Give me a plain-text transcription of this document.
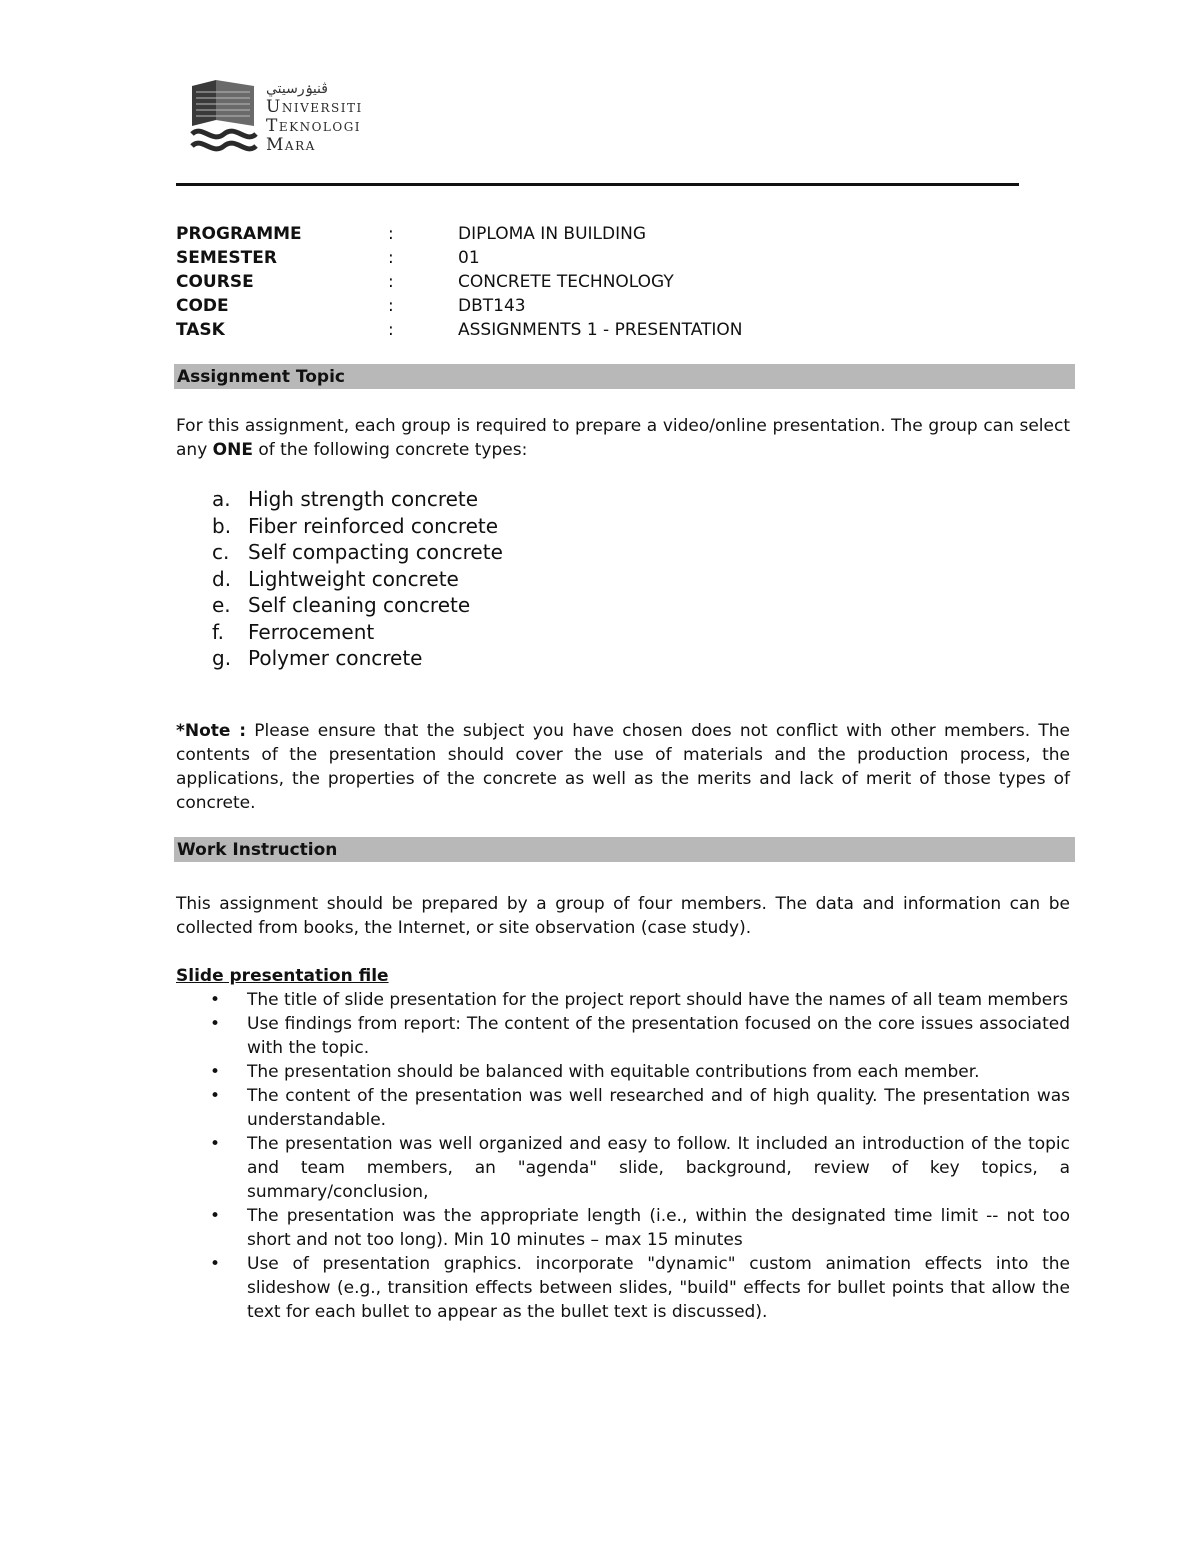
ڤنيۏرسيتي
Universiti
Teknologi
Mara
PROGRAMME	:	DIPLOMA IN BUILDING
SEMESTER	:	01
COURSE	:	CONCRETE TECHNOLOGY
CODE	:	DBT143
TASK	:	ASSIGNMENTS 1 - PRESENTATION
Assignment Topic
For this assignment, each group is required to prepare a video/online presentation. The group can select any ONE of the following concrete types:
a. High strength concrete
b. Fiber reinforced concrete
c. Self compacting concrete
d. Lightweight concrete
e. Self cleaning concrete
f. Ferrocement
g. Polymer concrete
*Note : Please ensure that the subject you have chosen does not conflict with other members. The contents of the presentation should cover the use of materials and the production process, the applications, the properties of the concrete as well as the merits and lack of merit of those types of concrete.
Work Instruction
This assignment should be prepared by a group of four members. The data and information can be collected from books, the Internet, or site observation (case study).
Slide presentation file
• The title of slide presentation for the project report should have the names of all team members
• Use findings from report: The content of the presentation focused on the core issues associated with the topic.
• The presentation should be balanced with equitable contributions from each member.
• The content of the presentation was well researched and of high quality. The presentation was understandable.
• The presentation was well organized and easy to follow. It included an introduction of the topic and team members, an "agenda" slide, background, review of key topics, a summary/conclusion,
• The presentation was the appropriate length (i.e., within the designated time limit -- not too short and not too long). Min 10 minutes – max 15 minutes
• Use of presentation graphics. incorporate "dynamic" custom animation effects into the slideshow (e.g., transition effects between slides, "build" effects for bullet points that allow the text for each bullet to appear as the bullet text is discussed).
